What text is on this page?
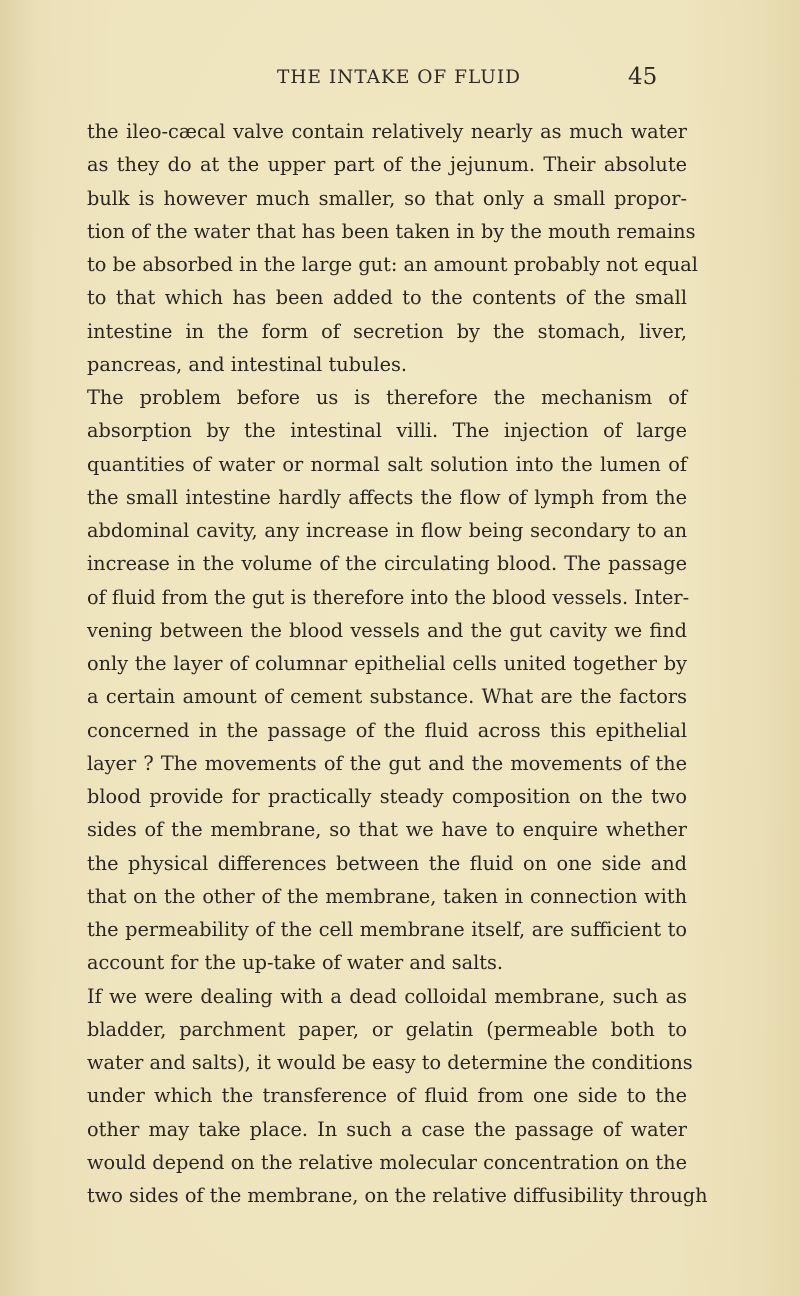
THE INTAKE OF FLUID	45
the ileo-cæcal valve contain relatively nearly as much water
as they do at the upper part of the jejunum. Their absolute
bulk is however much smaller, so that only a small propor-
tion of the water that has been taken in by the mouth remains
to be absorbed in the large gut: an amount probably not equal
to that which has been added to the contents of the small
intestine in the form of secretion by the stomach, liver,
pancreas, and intestinal tubules.
The problem before us is therefore the mechanism of
absorption by the intestinal villi. The injection of large
quantities of water or normal salt solution into the lumen of
the small intestine hardly affects the flow of lymph from the
abdominal cavity, any increase in flow being secondary to an
increase in the volume of the circulating blood. The passage
of fluid from the gut is therefore into the blood vessels. Inter-
vening between the blood vessels and the gut cavity we find
only the layer of columnar epithelial cells united together by
a certain amount of cement substance. What are the factors
concerned in the passage of the fluid across this epithelial
layer ? The movements of the gut and the movements of the
blood provide for practically steady composition on the two
sides of the membrane, so that we have to enquire whether
the physical differences between the fluid on one side and
that on the other of the membrane, taken in connection with
the permeability of the cell membrane itself, are sufficient to
account for the up-take of water and salts.
If we were dealing with a dead colloidal membrane, such as
bladder, parchment paper, or gelatin (permeable both to
water and salts), it would be easy to determine the conditions
under which the transference of fluid from one side to the
other may take place. In such a case the passage of water
would depend on the relative molecular concentration on the
two sides of the membrane, on the relative diffusibility through
